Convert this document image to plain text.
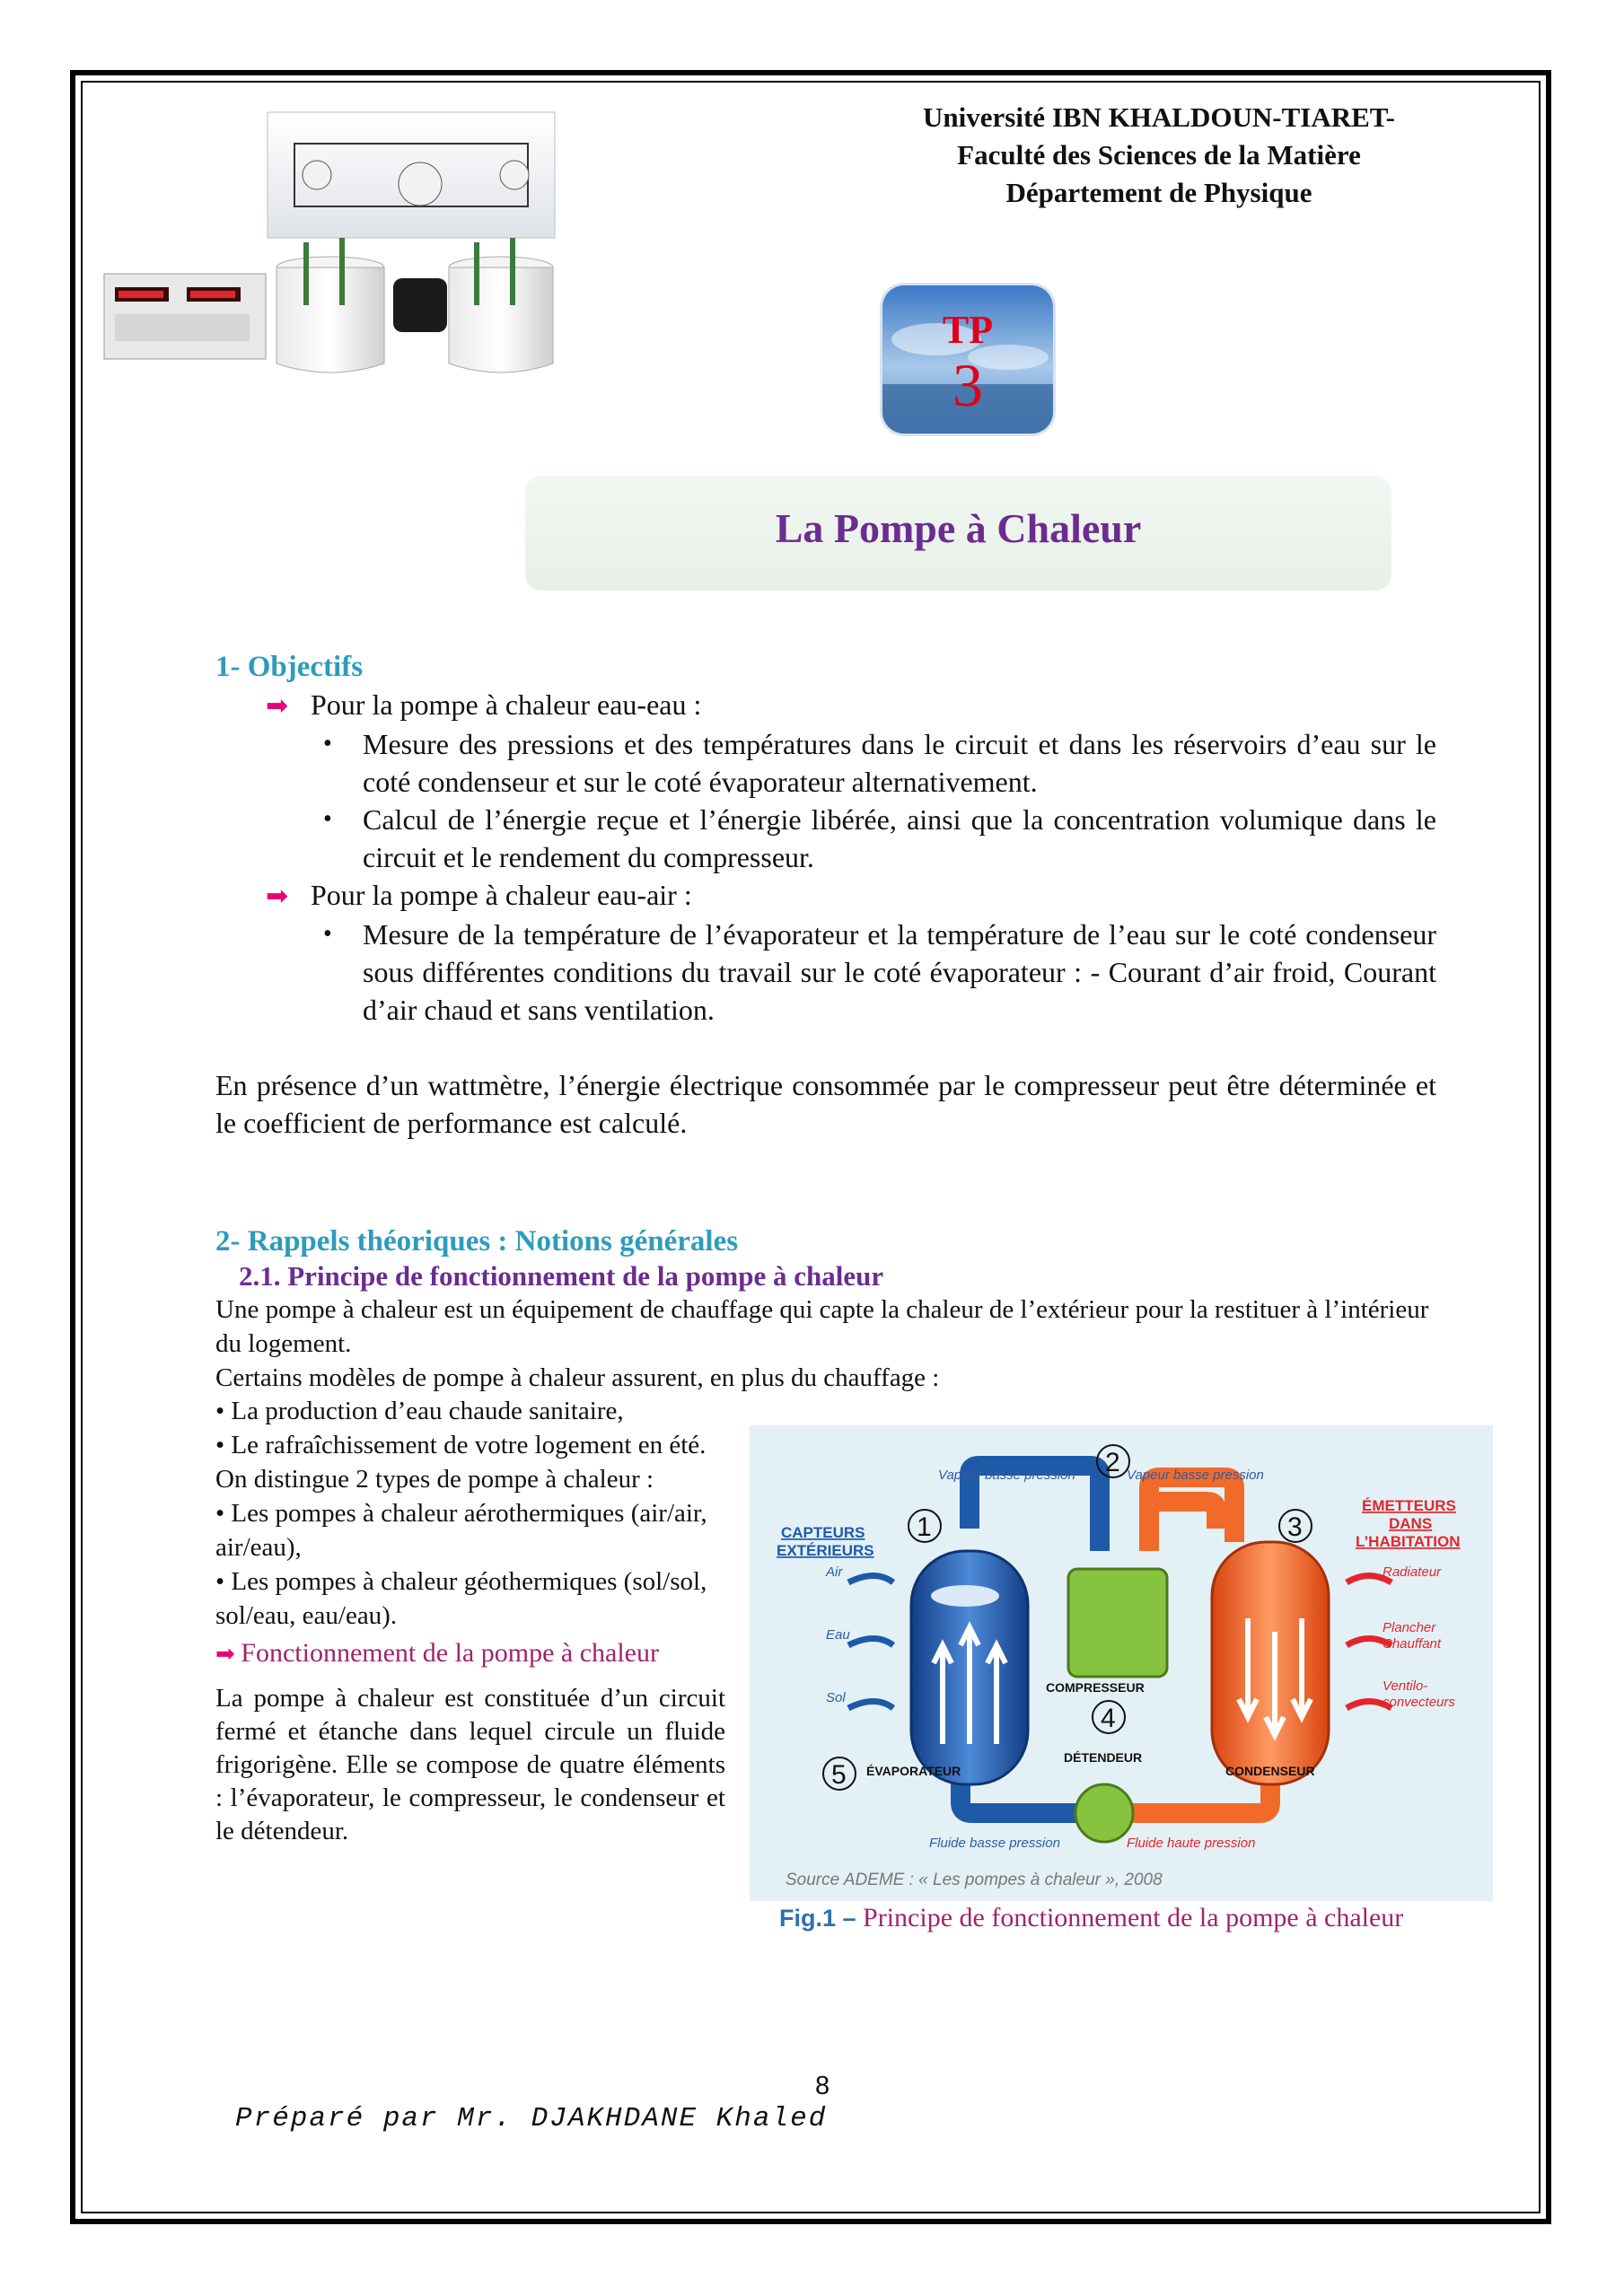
Université IBN KHALDOUN-TIARET-
Faculté des Sciences de la Matière
Département de Physique
TP
3
La Pompe à Chaleur
1- Objectifs
➡ Pour la pompe à chaleur eau-eau :
• Mesure des pressions et des températures dans le circuit et dans les réservoirs d’eau sur le coté condenseur et sur le coté évaporateur alternativement.
• Calcul de l’énergie reçue et l’énergie libérée, ainsi que la concentration volumique dans le circuit et le rendement du compresseur.
➡ Pour la pompe à chaleur eau-air :
• Mesure de la température de l’évaporateur et la température de l’eau sur le coté condenseur sous différentes conditions du travail sur le coté évaporateur : - Courant d’air froid, Courant d’air chaud et sans ventilation.
En présence d’un wattmètre, l’énergie électrique consommée par le compresseur peut être déterminée et le coefficient de performance est calculé.
2- Rappels théoriques : Notions générales
2.1. Principe de fonctionnement de la pompe à chaleur
Une pompe à chaleur est un équipement de chauffage qui capte la chaleur de l’extérieur pour la restituer à l’intérieur du logement.
Certains modèles de pompe à chaleur assurent, en plus du chauffage :
• La production d’eau chaude sanitaire,
• Le rafraîchissement de votre logement en été.
On distingue 2 types de pompe à chaleur :
• Les pompes à chaleur aérothermiques (air/air, air/eau),
• Les pompes à chaleur géothermiques (sol/sol, sol/eau, eau/eau).
➡ Fonctionnement de la pompe à chaleur
La pompe à chaleur est constituée d’un circuit fermé et étanche dans lequel circule un fluide frigorigène. Elle se compose de quatre éléments : l’évaporateur, le compresseur, le condenseur et le détendeur.
1
2
3
4
5
Vapeur basse pression	Vapeur basse pression
Air
Eau
Sol
Fluide basse pression
Radiateur
Plancher
Chauffant
Ventilo-
convecteurs
Fluide haute pression
CAPTEURS
EXTÉRIEURS
ÉMETTEURS
DANS
L’HABITATION
COMPRESSEUR
DÉTENDEUR
ÉVAPORATEUR	CONDENSEUR
Source ADEME : « Les pompes à chaleur », 2008
Fig.1 – Principe de fonctionnement de la pompe à chaleur
8
Préparé par Mr. DJAKHDANE Khaled
